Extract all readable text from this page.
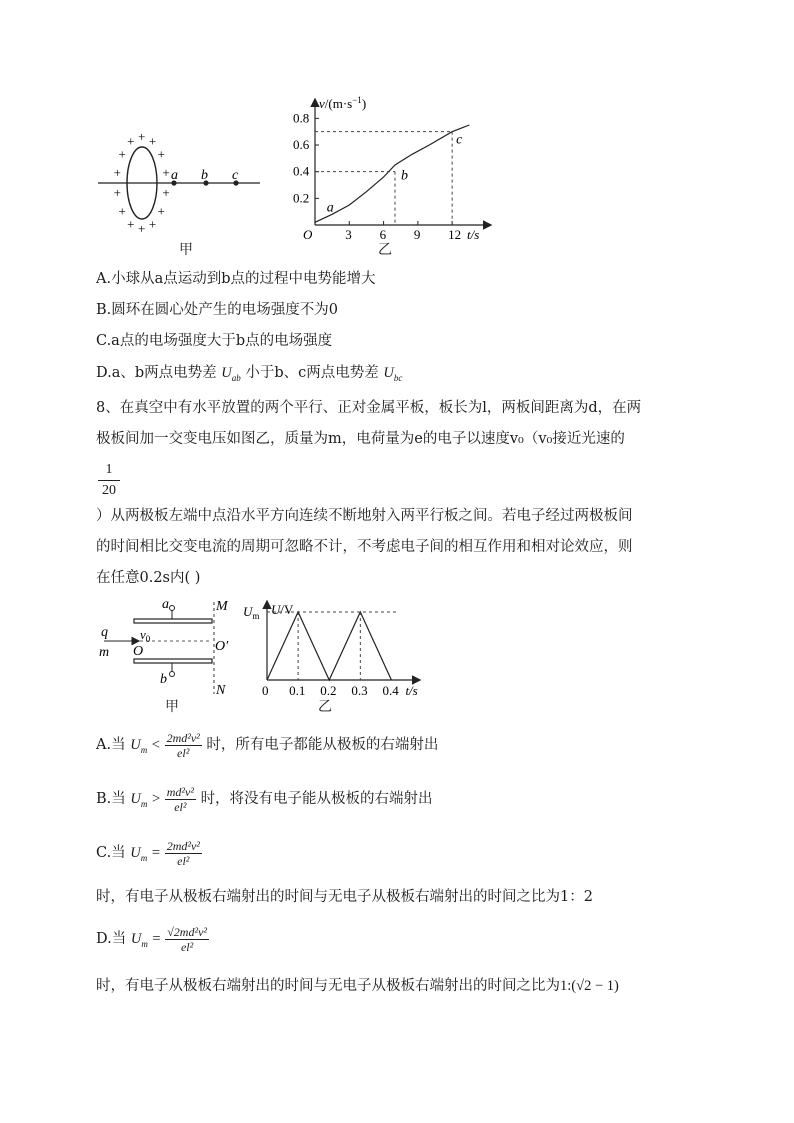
+
+
+
+
+
+
+
+
+
+ + +
+
+ a b c
甲
$v/(m\cdot s^{-1})$
t/s
O	3 6 9 12
0.2
0.4
0.6
0.8
a
b
c
乙
A.小球从a点运动到b点的过程中电势能增大
B.圆环在圆心处产生的电场强度不为0
C.a点的电场强度大于b点的电场强度
D.a、b两点电势差 $U_{ab}$ 小于b、c两点电势差 $U_{bc}$
8、在真空中有水平放置的两个平行、正对金属平板，板长为l，两板间距离为d，在两
极板间加一交变电压如图乙，质量为m，电荷量为e的电子以速度v₀（v₀接近光速的
$\frac{1}{20}$
）从两极板左端中点沿水平方向连续不断地射入两平行板之间。若电子经过两极板间
的时间相比交变电流的周期可忽略不计，不考虑电子间的相互作用和相对论效应，则
在任意0.2s内( )
a
b
M
N
q
m
$v_0$
O	O′
甲
U/V
$U_m$
0 0.1 0.2 0.3 0.4 t/s
乙
A.当 $U_m < \frac{\text{2md²v²}}{\text{el²}}$ 时，所有电子都能从极板的右端射出
B.当 $U_m > \frac{\text{md²v²}}{\text{el²}}$ 时，将没有电子能从极板的右端射出
C.当 $U_m = \frac{\text{2md²v²}}{\text{el²}}$
时，有电子从极板右端射出的时间与无电子从极板右端射出的时间之比为1：2
D.当 $U_m = \frac{\text{√2md²v²}}{\text{el²}}$
时，有电子从极板右端射出的时间与无电子从极板右端射出的时间之比为1:(√2 − 1)
